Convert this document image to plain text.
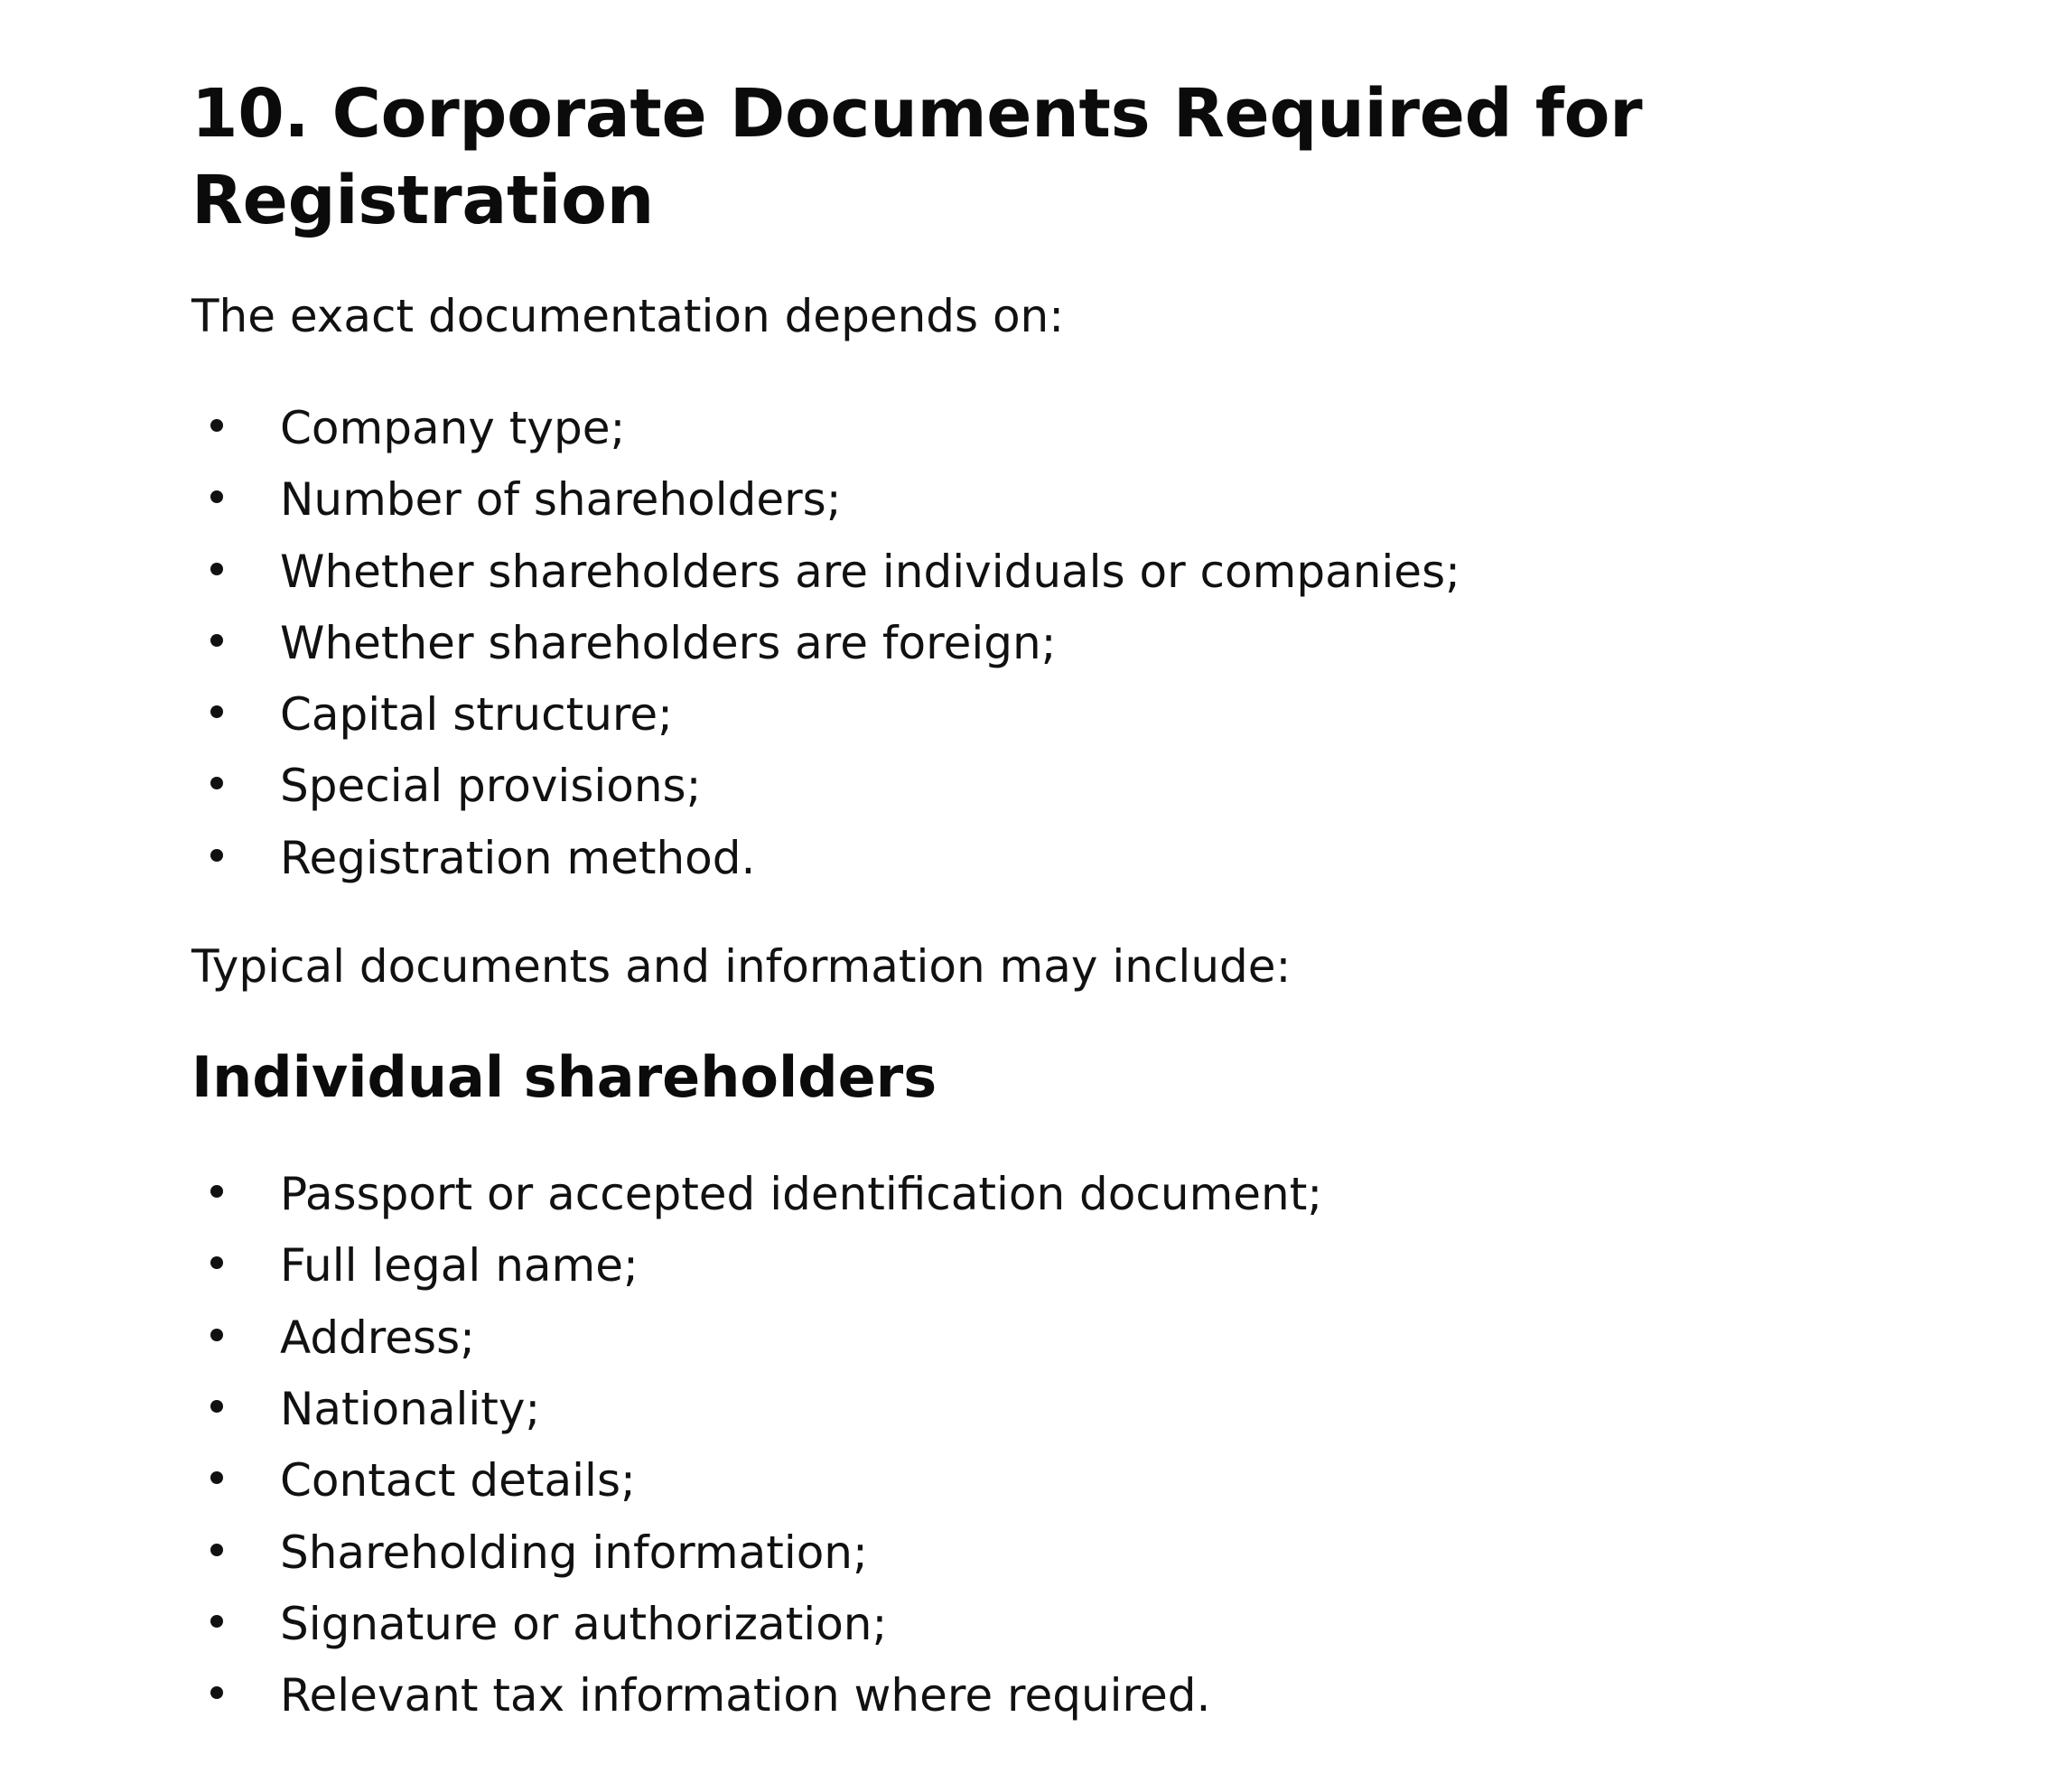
10. Corporate Documents Required for Registration

The exact documentation depends on:

Company type;
Number of shareholders;
Whether shareholders are individuals or companies;
Whether shareholders are foreign;
Capital structure;
Special provisions;
Registration method.

Typical documents and information may include:

Individual shareholders
Passport or accepted identification document;
Full legal name;
Address;
Nationality;
Contact details;
Shareholding information;
Signature or authorization;
Relevant tax information where required.
